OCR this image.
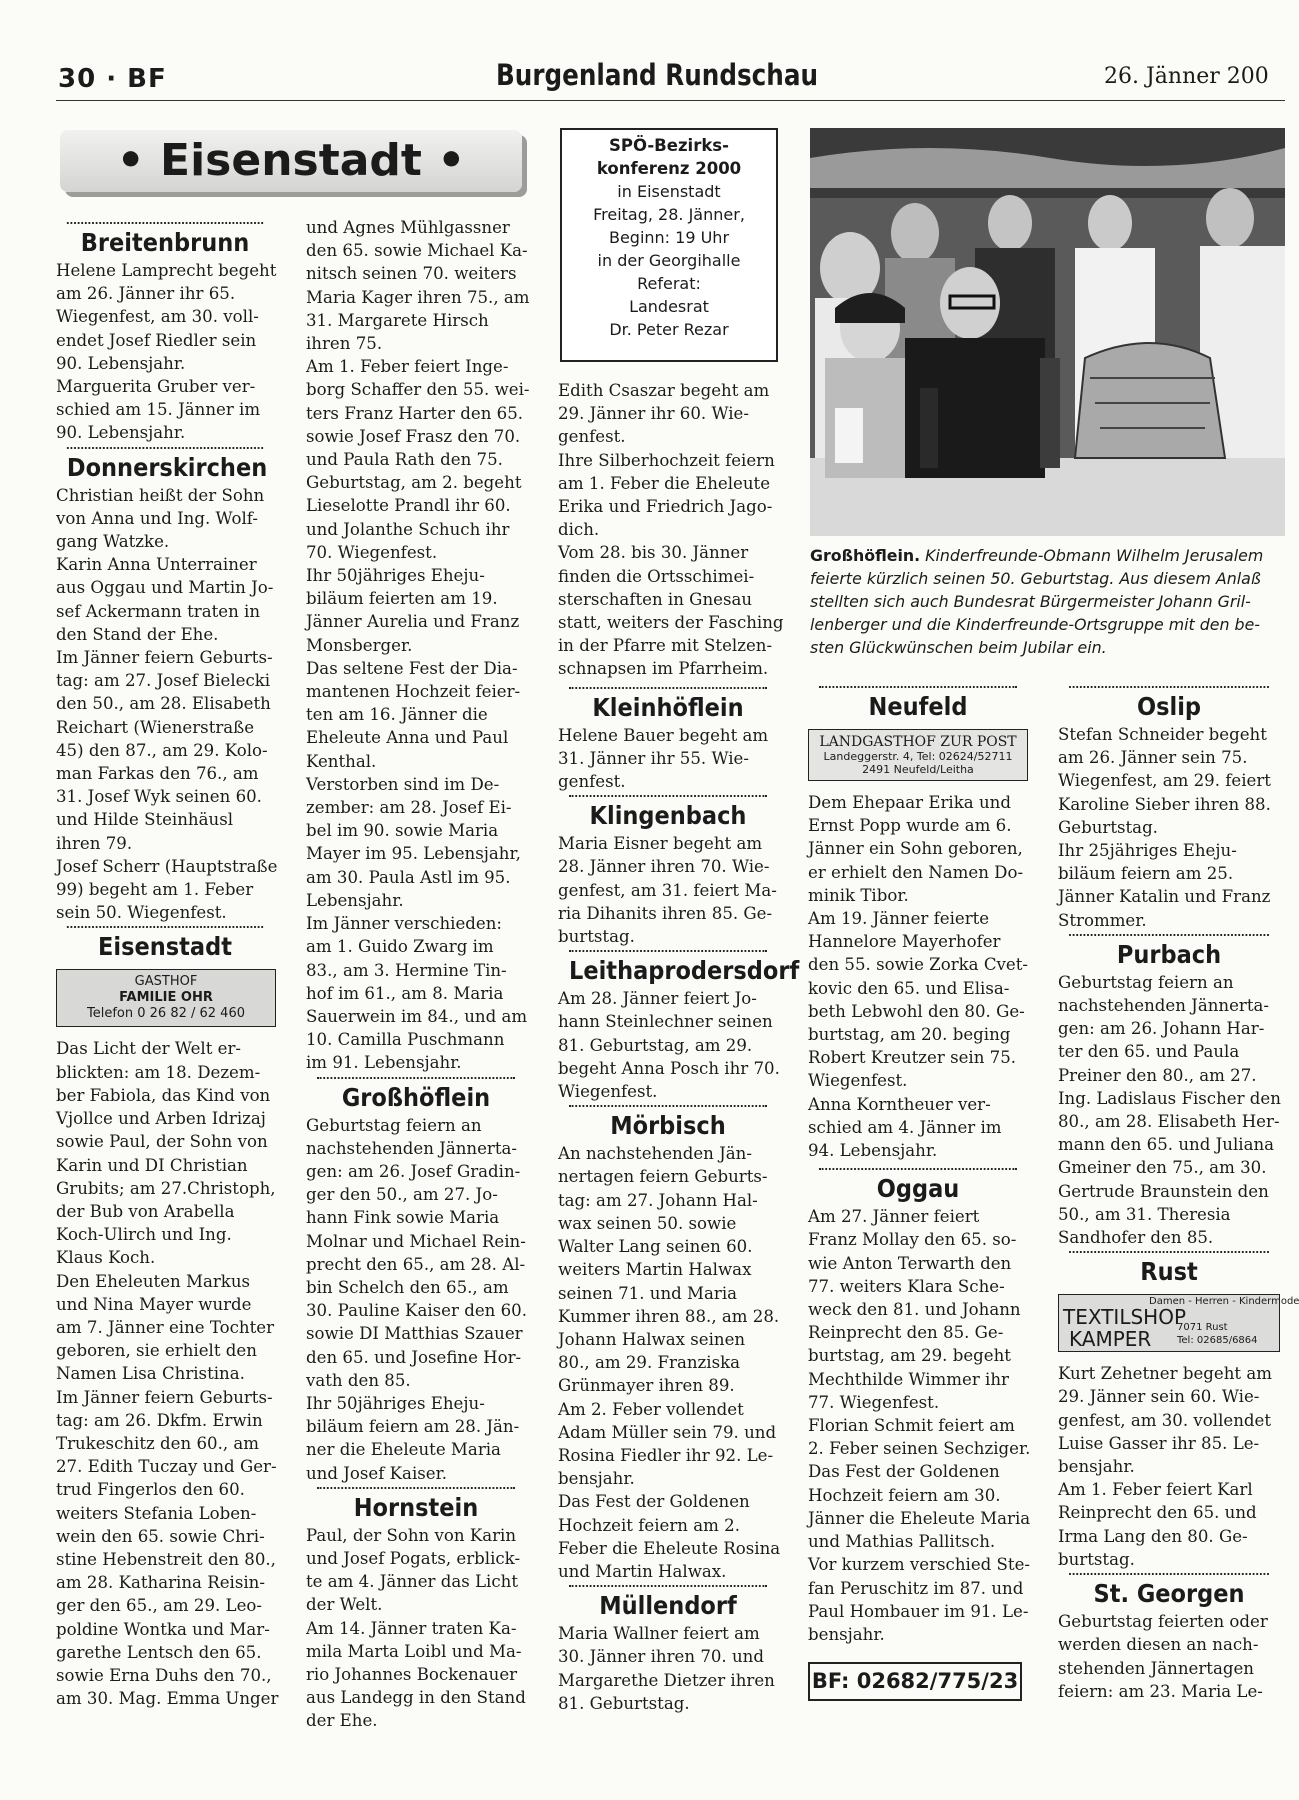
30 · BF	Burgenland Rundschau	26. Jänner 200
• Eisenstadt •
Breitenbrunn
Helene Lamprecht begeht
am 26. Jänner ihr 65.
Wiegenfest, am 30. voll-
endet Josef Riedler sein
90. Lebensjahr.
Marguerita Gruber ver-
schied am 15. Jänner im
90. Lebensjahr.
Donnerskirchen
Christian heißt der Sohn
von Anna und Ing. Wolf-
gang Watzke.
Karin Anna Unterrainer
aus Oggau und Martin Jo-
sef Ackermann traten in
den Stand der Ehe.
Im Jänner feiern Geburts-
tag: am 27. Josef Bielecki
den 50., am 28. Elisabeth
Reichart (Wienerstraße
45) den 87., am 29. Kolo-
man Farkas den 76., am
31. Josef Wyk seinen 60.
und Hilde Steinhäusl
ihren 79.
Josef Scherr (Hauptstraße
99) begeht am 1. Feber
sein 50. Wiegenfest.
Eisenstadt
GASTHOF
FAMILIE OHR
Telefon 0 26 82 / 62 460
Das Licht der Welt er-
blickten: am 18. Dezem-
ber Fabiola, das Kind von
Vjollce und Arben Idrizaj
sowie Paul, der Sohn von
Karin und DI Christian
Grubits; am 27.Christoph,
der Bub von Arabella
Koch-Ulirch und Ing.
Klaus Koch.
Den Eheleuten Markus
und Nina Mayer wurde
am 7. Jänner eine Tochter
geboren, sie erhielt den
Namen Lisa Christina.
Im Jänner feiern Geburts-
tag: am 26. Dkfm. Erwin
Trukeschitz den 60., am
27. Edith Tuczay und Ger-
trud Fingerlos den 60.
weiters Stefania Loben-
wein den 65. sowie Chri-
stine Hebenstreit den 80.,
am 28. Katharina Reisin-
ger den 65., am 29. Leo-
poldine Wontka und Mar-
garethe Lentsch den 65.
sowie Erna Duhs den 70.,
am 30. Mag. Emma Unger
und Agnes Mühlgassner
den 65. sowie Michael Ka-
nitsch seinen 70. weiters
Maria Kager ihren 75., am
31. Margarete Hirsch
ihren 75.
Am 1. Feber feiert Inge-
borg Schaffer den 55. wei-
ters Franz Harter den 65.
sowie Josef Frasz den 70.
und Paula Rath den 75.
Geburtstag, am 2. begeht
Lieselotte Prandl ihr 60.
und Jolanthe Schuch ihr
70. Wiegenfest.
Ihr 50jähriges Eheju-
biläum feierten am 19.
Jänner Aurelia und Franz
Monsberger.
Das seltene Fest der Dia-
mantenen Hochzeit feier-
ten am 16. Jänner die
Eheleute Anna und Paul
Kenthal.
Verstorben sind im De-
zember: am 28. Josef Ei-
bel im 90. sowie Maria
Mayer im 95. Lebensjahr,
am 30. Paula Astl im 95.
Lebensjahr.
Im Jänner verschieden:
am 1. Guido Zwarg im
83., am 3. Hermine Tin-
hof im 61., am 8. Maria
Sauerwein im 84., und am
10. Camilla Puschmann
im 91. Lebensjahr.
Großhöflein
Geburtstag feiern an
nachstehenden Jännerta-
gen: am 26. Josef Gradin-
ger den 50., am 27. Jo-
hann Fink sowie Maria
Molnar und Michael Rein-
precht den 65., am 28. Al-
bin Schelch den 65., am
30. Pauline Kaiser den 60.
sowie DI Matthias Szauer
den 65. und Josefine Hor-
vath den 85.
Ihr 50jähriges Eheju-
biläum feiern am 28. Jän-
ner die Eheleute Maria
und Josef Kaiser.
Hornstein
Paul, der Sohn von Karin
und Josef Pogats, erblick-
te am 4. Jänner das Licht
der Welt.
Am 14. Jänner traten Ka-
mila Marta Loibl und Ma-
rio Johannes Bockenauer
aus Landegg in den Stand
der Ehe.
SPÖ-Bezirks-
konferenz 2000
in Eisenstadt
Freitag, 28. Jänner,
Beginn: 19 Uhr
in der Georgihalle
Referat:
Landesrat
Dr. Peter Rezar
Edith Csaszar begeht am
29. Jänner ihr 60. Wie-
genfest.
Ihre Silberhochzeit feiern
am 1. Feber die Eheleute
Erika und Friedrich Jago-
dich.
Vom 28. bis 30. Jänner
finden die Ortsschimei-
sterschaften in Gnesau
statt, weiters der Fasching
in der Pfarre mit Stelzen-
schnapsen im Pfarrheim.
Kleinhöflein
Helene Bauer begeht am
31. Jänner ihr 55. Wie-
genfest.
Klingenbach
Maria Eisner begeht am
28. Jänner ihren 70. Wie-
genfest, am 31. feiert Ma-
ria Dihanits ihren 85. Ge-
burtstag.
Leithaprodersdorf
Am 28. Jänner feiert Jo-
hann Steinlechner seinen
81. Geburtstag, am 29.
begeht Anna Posch ihr 70.
Wiegenfest.
Mörbisch
An nachstehenden Jän-
nertagen feiern Geburts-
tag: am 27. Johann Hal-
wax seinen 50. sowie
Walter Lang seinen 60.
weiters Martin Halwax
seinen 71. und Maria
Kummer ihren 88., am 28.
Johann Halwax seinen
80., am 29. Franziska
Grünmayer ihren 89.
Am 2. Feber vollendet
Adam Müller sein 79. und
Rosina Fiedler ihr 92. Le-
bensjahr.
Das Fest der Goldenen
Hochzeit feiern am 2.
Feber die Eheleute Rosina
und Martin Halwax.
Müllendorf
Maria Wallner feiert am
30. Jänner ihren 70. und
Margarethe Dietzer ihren
81. Geburtstag.
Großhöflein. Kinderfreunde-Obmann Wilhelm Jerusalem
feierte kürzlich seinen 50. Geburtstag. Aus diesem Anlaß
stellten sich auch Bundesrat Bürgermeister Johann Gril-
lenberger und die Kinderfreunde-Ortsgruppe mit den be-
sten Glückwünschen beim Jubilar ein.
Neufeld
LANDGASTHOF ZUR POST
Landeggerstr. 4, Tel: 02624/52711
2491 Neufeld/Leitha
Dem Ehepaar Erika und
Ernst Popp wurde am 6.
Jänner ein Sohn geboren,
er erhielt den Namen Do-
minik Tibor.
Am 19. Jänner feierte
Hannelore Mayerhofer
den 55. sowie Zorka Cvet-
kovic den 65. und Elisa-
beth Lebwohl den 80. Ge-
burtstag, am 20. beging
Robert Kreutzer sein 75.
Wiegenfest.
Anna Korntheuer ver-
schied am 4. Jänner im
94. Lebensjahr.
Oggau
Am 27. Jänner feiert
Franz Mollay den 65. so-
wie Anton Terwarth den
77. weiters Klara Sche-
weck den 81. und Johann
Reinprecht den 85. Ge-
burtstag, am 29. begeht
Mechthilde Wimmer ihr
77. Wiegenfest.
Florian Schmit feiert am
2. Feber seinen Sechziger.
Das Fest der Goldenen
Hochzeit feiern am 30.
Jänner die Eheleute Maria
und Mathias Pallitsch.
Vor kurzem verschied Ste-
fan Peruschitz im 87. und
Paul Hombauer im 91. Le-
bensjahr.
BF: 02682/775/23
Oslip
Stefan Schneider begeht
am 26. Jänner sein 75.
Wiegenfest, am 29. feiert
Karoline Sieber ihren 88.
Geburtstag.
Ihr 25jähriges Eheju-
biläum feiern am 25.
Jänner Katalin und Franz
Strommer.
Purbach
Geburtstag feiern an
nachstehenden Jännerta-
gen: am 26. Johann Har-
ter den 65. und Paula
Preiner den 80., am 27.
Ing. Ladislaus Fischer den
80., am 28. Elisabeth Her-
mann den 65. und Juliana
Gmeiner den 75., am 30.
Gertrude Braunstein den
50., am 31. Theresia
Sandhofer den 85.
Rust
Damen - Herren - Kindermode
TEXTILSHOP
KAMPER	7071 Rust
Tel: 02685/6864
Kurt Zehetner begeht am
29. Jänner sein 60. Wie-
genfest, am 30. vollendet
Luise Gasser ihr 85. Le-
bensjahr.
Am 1. Feber feiert Karl
Reinprecht den 65. und
Irma Lang den 80. Ge-
burtstag.
St. Georgen
Geburtstag feierten oder
werden diesen an nach-
stehenden Jännertagen
feiern: am 23. Maria Le-
